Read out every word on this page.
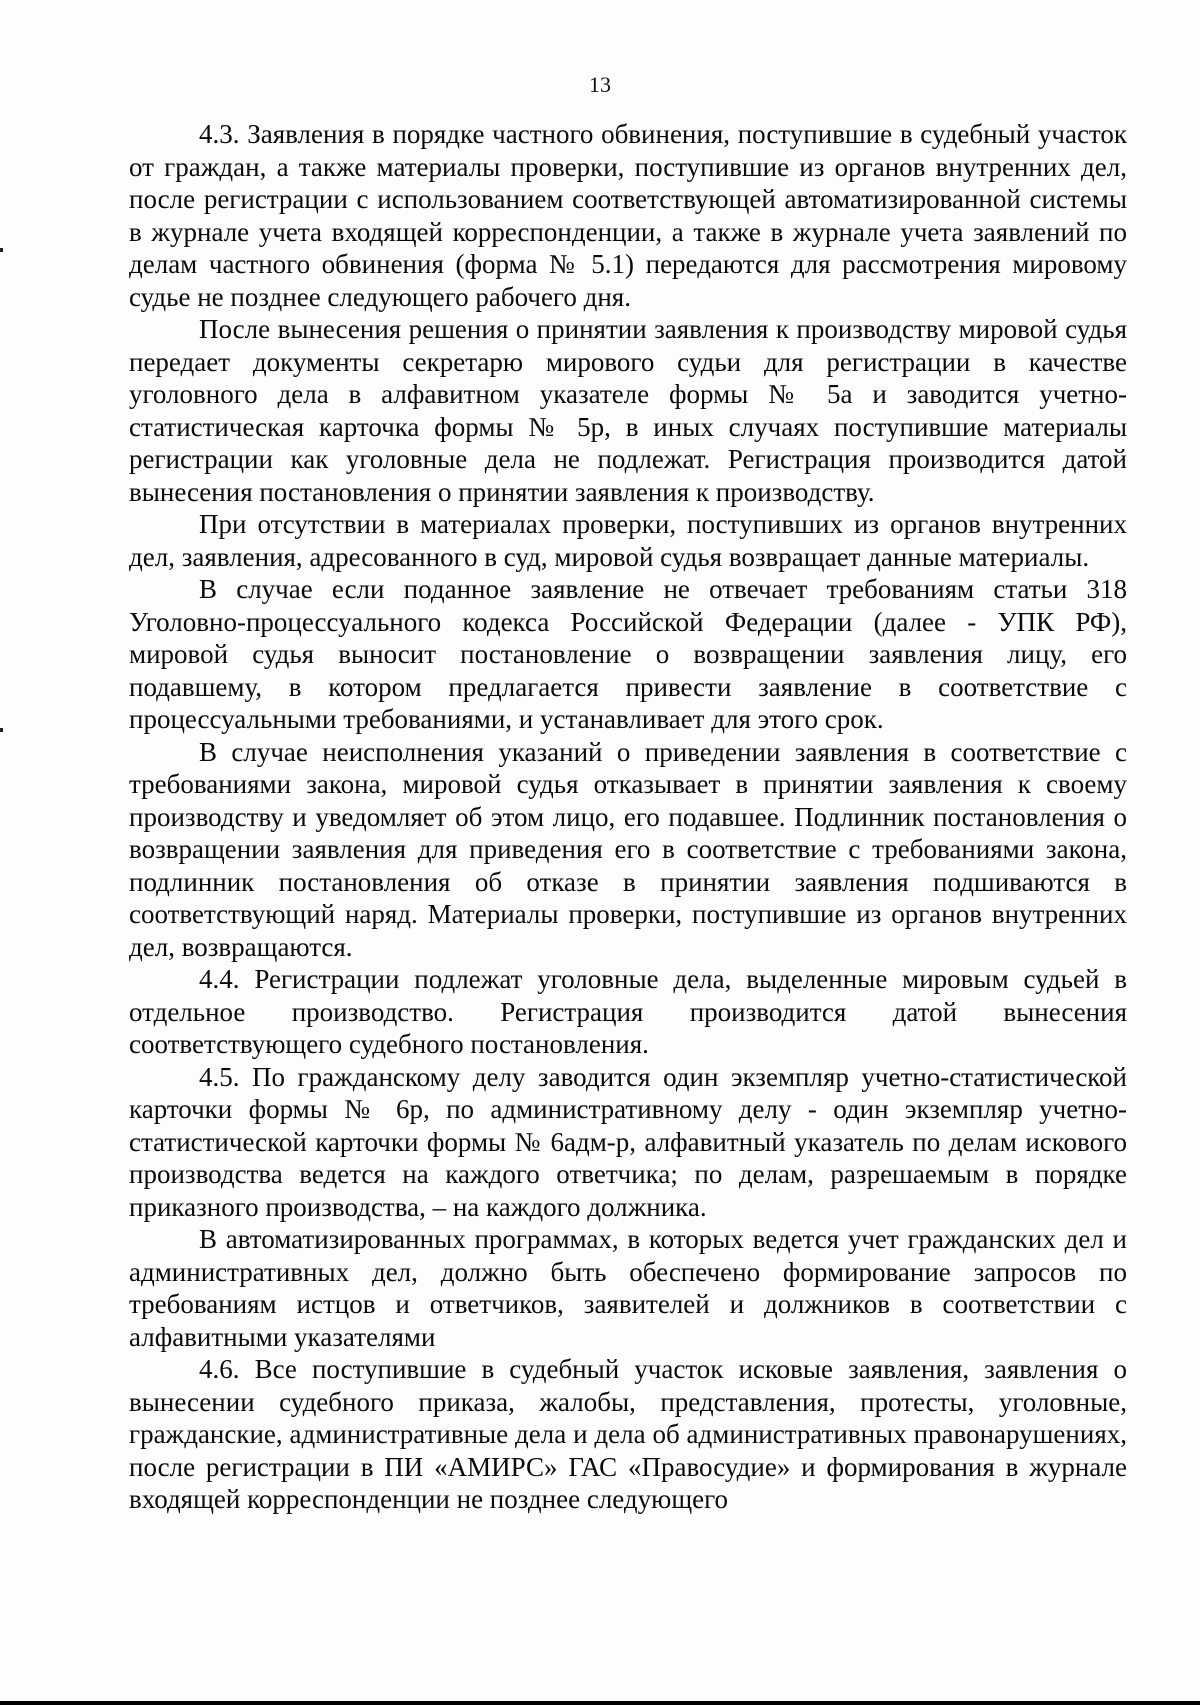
13

4.3. Заявления в порядке частного обвинения, поступившие в судебный участок от граждан, а также материалы проверки, поступившие из органов внутренних дел, после регистрации с использованием соответствующей автоматизированной системы в журнале учета входящей корреспонденции, а также в журнале учета заявлений по делам частного обвинения (форма № 5.1) передаются для рассмотрения мировому судье не позднее следующего рабочего дня.

После вынесения решения о принятии заявления к производству мировой судья передает документы секретарю мирового судьи для регистрации в качестве уголовного дела в алфавитном указателе формы № 5а и заводится учетно-статистическая карточка формы № 5р, в иных случаях поступившие материалы регистрации как уголовные дела не подлежат. Регистрация производится датой вынесения постановления о принятии заявления к производству.

При отсутствии в материалах проверки, поступивших из органов внутренних дел, заявления, адресованного в суд, мировой судья возвращает данные материалы.

В случае если поданное заявление не отвечает требованиям статьи 318 Уголовно-процессуального кодекса Российской Федерации (далее - УПК РФ), мировой судья выносит постановление о возвращении заявления лицу, его подавшему, в котором предлагается привести заявление в соответствие с процессуальными требованиями, и устанавливает для этого срок.

В случае неисполнения указаний о приведении заявления в соответствие с требованиями закона, мировой судья отказывает в принятии заявления к своему производству и уведомляет об этом лицо, его подавшее. Подлинник постановления о возвращении заявления для приведения его в соответствие с требованиями закона, подлинник постановления об отказе в принятии заявления подшиваются в соответствующий наряд. Материалы проверки, поступившие из органов внутренних дел, возвращаются.

4.4. Регистрации подлежат уголовные дела, выделенные мировым судьей в отдельное производство. Регистрация производится датой вынесения соответствующего судебного постановления.

4.5. По гражданскому делу заводится один экземпляр учетно-статистической карточки формы № 6р, по административному делу - один экземпляр учетно-статистической карточки формы № 6адм-р, алфавитный указатель по делам искового производства ведется на каждого ответчика; по делам, разрешаемым в порядке приказного производства, – на каждого должника.

В автоматизированных программах, в которых ведется учет гражданских дел и административных дел, должно быть обеспечено формирование запросов по требованиям истцов и ответчиков, заявителей и должников в соответствии с алфавитными указателями

4.6. Все поступившие в судебный участок исковые заявления, заявления о вынесении судебного приказа, жалобы, представления, протесты, уголовные, гражданские, административные дела и дела об административных правонарушениях, после регистрации в ПИ «АМИРС» ГАС «Правосудие» и формирования в журнале входящей корреспонденции не позднее следующего
